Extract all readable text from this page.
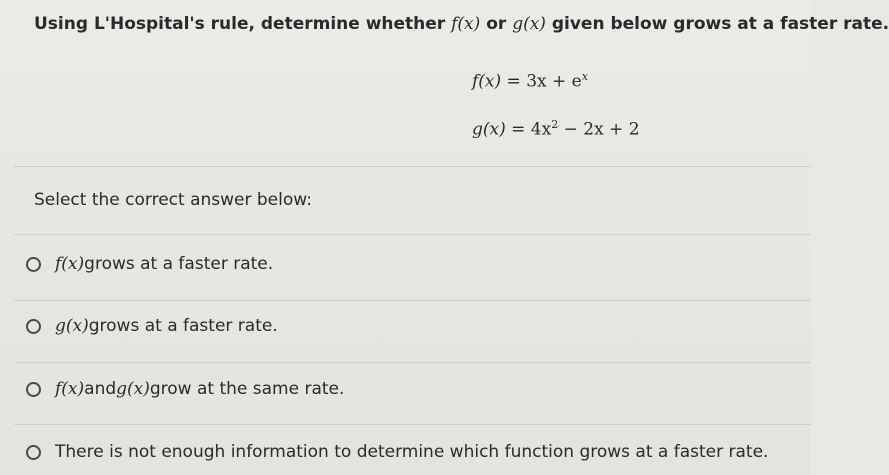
Using L'Hospital's rule, determine whether f(x) or g(x) given below grows at a faster rate.
$f(x) = 3x + e^x$
$g(x) = 4x^2 - 2x + 2$
Select the correct answer below:
f(x) grows at a faster rate.
g(x) grows at a faster rate.
f(x) and g(x) grow at the same rate.
There is not enough information to determine which function grows at a faster rate.
